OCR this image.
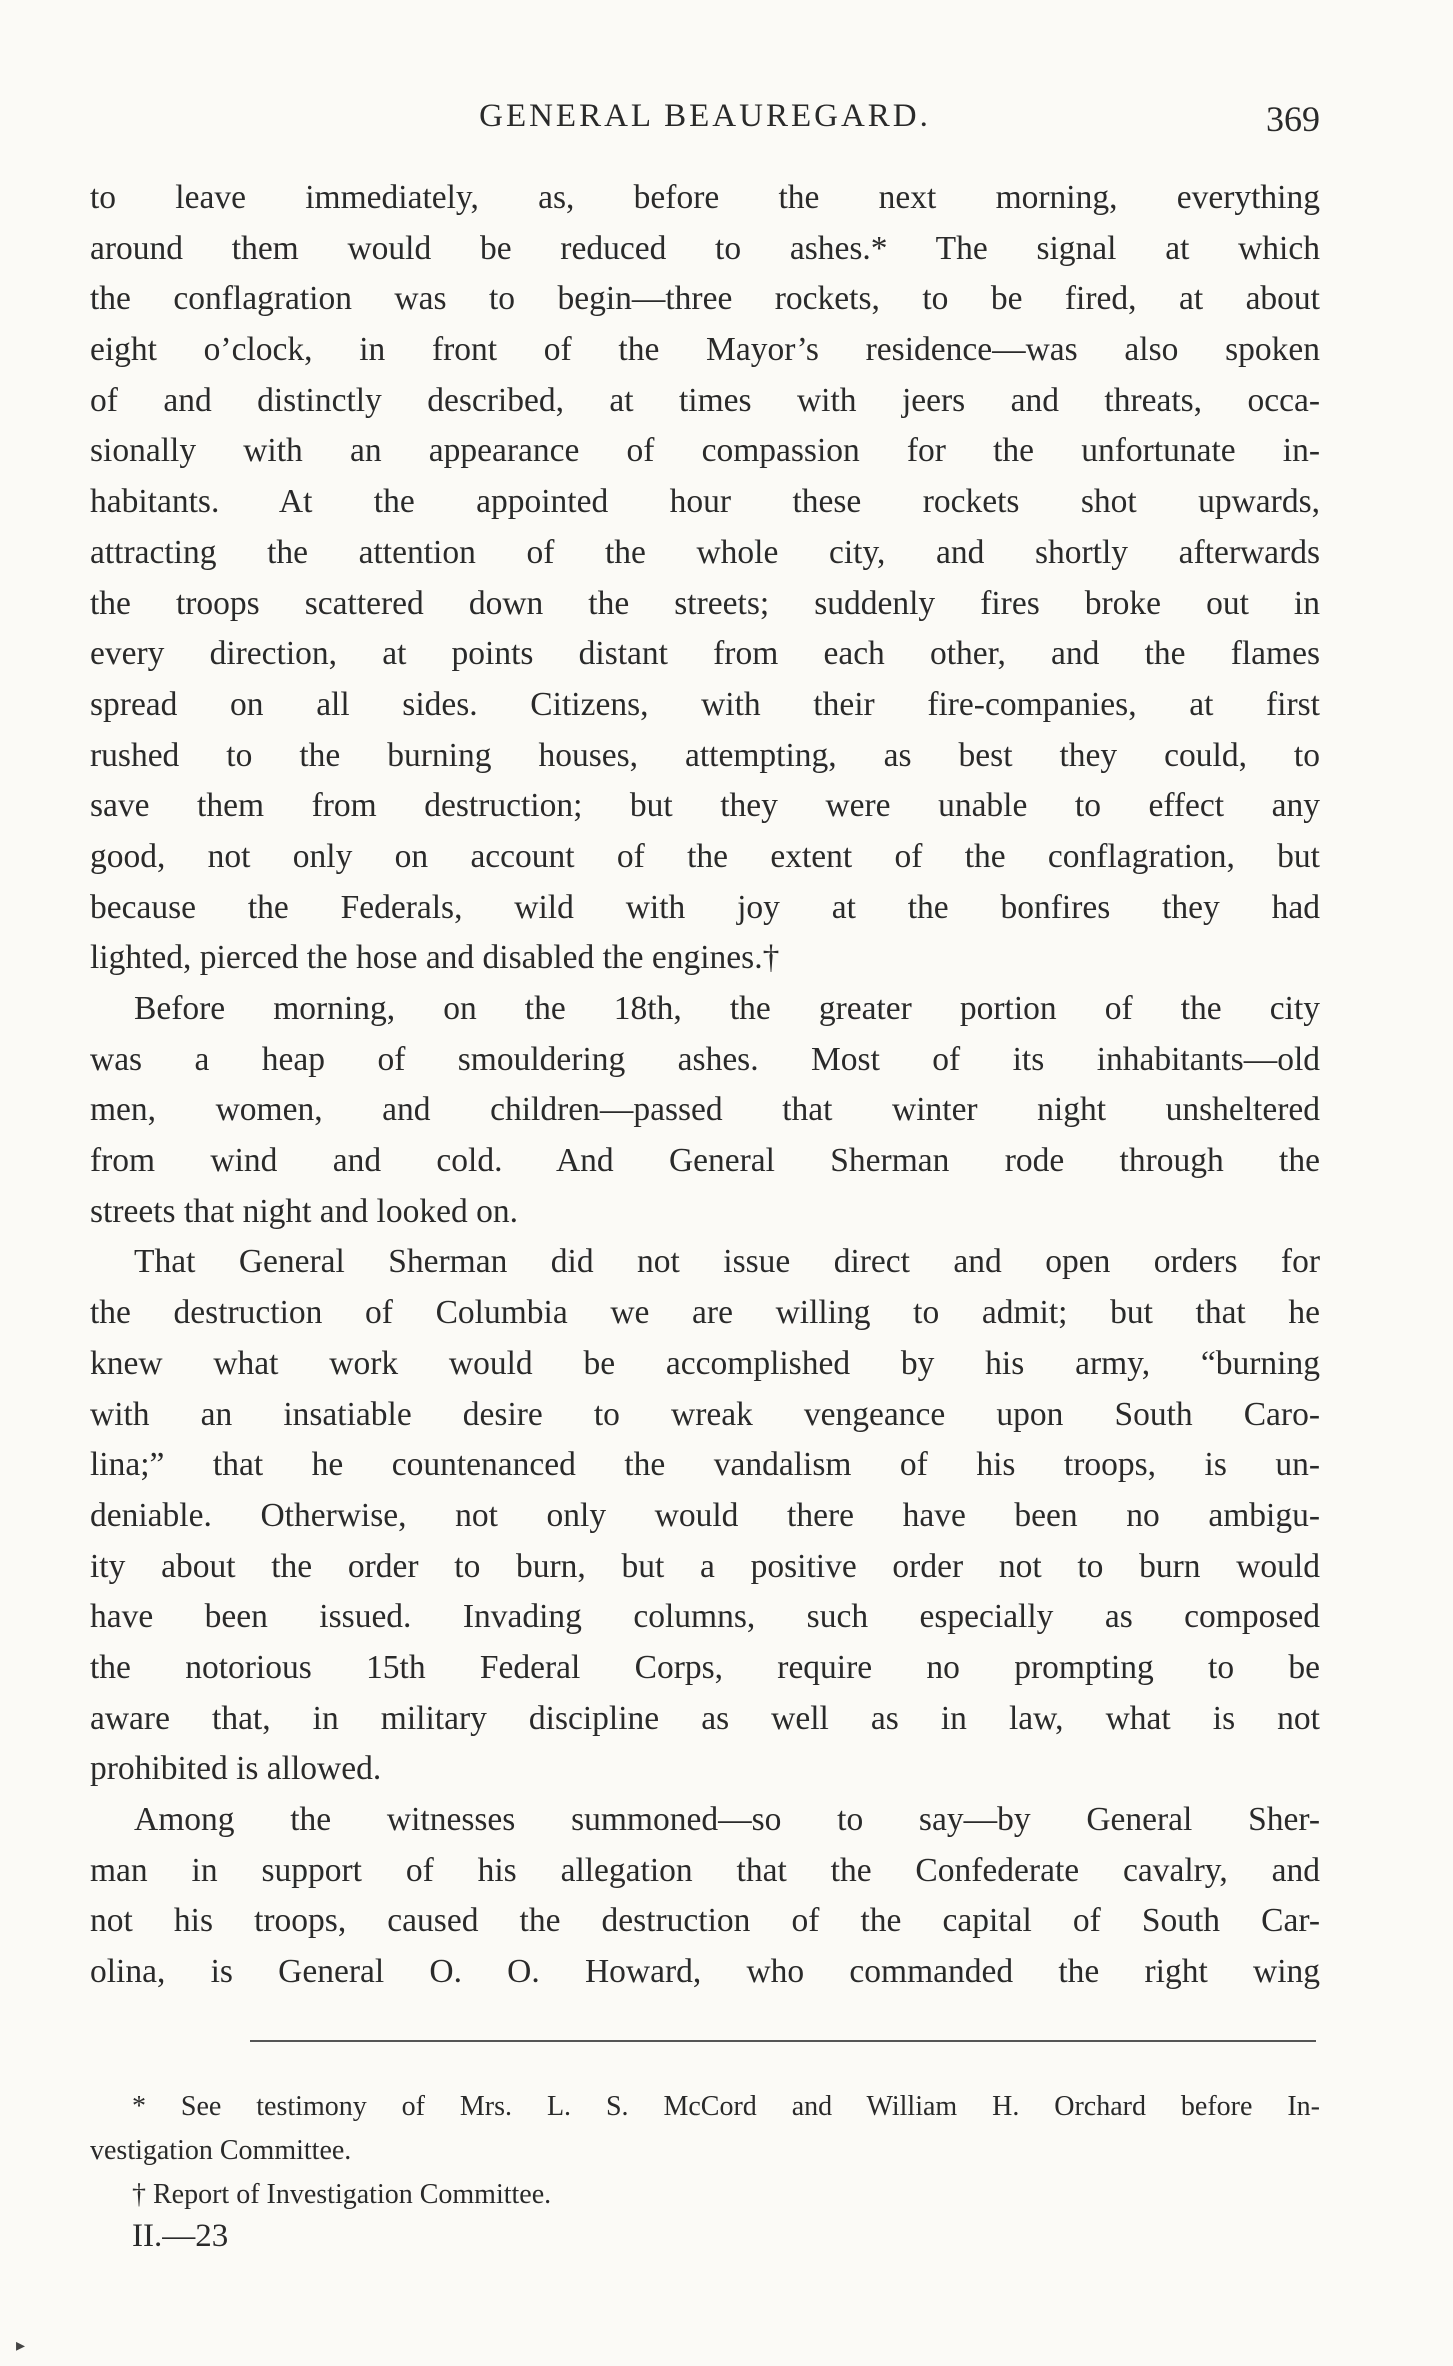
GENERAL BEAUREGARD.	369
to leave immediately, as, before the next morning, everything
around them would be reduced to ashes.* The signal at which
the conflagration was to begin—three rockets, to be fired, at about
eight o’clock, in front of the Mayor’s residence—was also spoken
of and distinctly described, at times with jeers and threats, occa-
sionally with an appearance of compassion for the unfortunate in-
habitants. At the appointed hour these rockets shot upwards,
attracting the attention of the whole city, and shortly afterwards
the troops scattered down the streets; suddenly fires broke out in
every direction, at points distant from each other, and the flames
spread on all sides. Citizens, with their fire-companies, at first
rushed to the burning houses, attempting, as best they could, to
save them from destruction; but they were unable to effect any
good, not only on account of the extent of the conflagration, but
because the Federals, wild with joy at the bonfires they had
lighted, pierced the hose and disabled the engines.†
Before morning, on the 18th, the greater portion of the city
was a heap of smouldering ashes. Most of its inhabitants—old
men, women, and children—passed that winter night unsheltered
from wind and cold. And General Sherman rode through the
streets that night and looked on.
That General Sherman did not issue direct and open orders for
the destruction of Columbia we are willing to admit; but that he
knew what work would be accomplished by his army, “burning
with an insatiable desire to wreak vengeance upon South Caro-
lina;” that he countenanced the vandalism of his troops, is un-
deniable. Otherwise, not only would there have been no ambigu-
ity about the order to burn, but a positive order not to burn would
have been issued. Invading columns, such especially as composed
the notorious 15th Federal Corps, require no prompting to be
aware that, in military discipline as well as in law, what is not
prohibited is allowed.
Among the witnesses summoned—so to say—by General Sher-
man in support of his allegation that the Confederate cavalry, and
not his troops, caused the destruction of the capital of South Car-
olina, is General O. O. Howard, who commanded the right wing
* See testimony of Mrs. L. S. McCord and William H. Orchard before In-
vestigation Committee.
† Report of Investigation Committee.
II.—23
▸
